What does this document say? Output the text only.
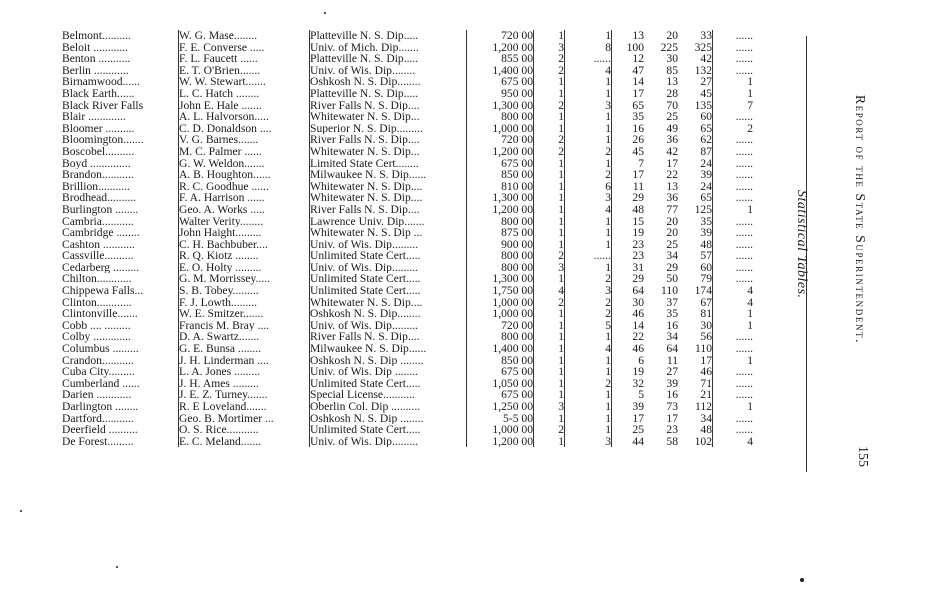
Belmont..........	W. G. Mase........	Platteville N. S. Dip.....	720 00	1	1	13	20	33	......
Beloit ............	F. E. Converse .....	Univ. of Mich. Dip.......	1,200 00	3	8	100	225	325	......
Benton ...........	F. L. Faucett ......	Platteville N. S. Dip.....	855 00	2	......	12	30	42	......
Berlin ............	E. T. O'Brien.......	Univ. of Wis. Dip........	1,400 00	2	4	47	85	132	......
Birnamwood......	W. W. Stewart.......	Oshkosh N. S. Dip........	675 00	1	1	14	13	27	1
Black Earth......	L. C. Hatch ........	Platteville N. S. Dip.....	950 00	1	1	17	28	45	1
Black River Falls	John E. Hale .......	River Falls N. S. Dip....	1,300 00	2	3	65	70	135	7
Blair .............	A. L. Halvorson.....	Whitewater N. S. Dip...	800 00	1	1	35	25	60	......
Bloomer ..........	C. D. Donaldson ....	Superior N. S. Dip.........	1,000 00	1	1	16	49	65	2
Bloomington.......	V. G. Barnes.......	River Falls N. S. Dip....	720 00	2	1	26	36	62	......
Boscobel..........	M. C. Palmer ......	Whitewater N. S. Dip...	1,200 00	2	2	45	42	87	......
Boyd ..............	G. W. Weldon.......	Limited State Cert........	675 00	1	1	7	17	24	......
Brandon...........	A. B. Houghton......	Milwaukee N. S. Dip......	850 00	1	2	17	22	39	......
Brillion...........	R. C. Goodhue ......	Whitewater N. S. Dip....	810 00	1	6	11	13	24	......
Brodhead..........	F. A. Harrison ......	Whitewater N. S. Dip....	1,300 00	1	3	29	36	65	......
Burlington ........	Geo. A. Works .....	River Falls N. S. Dip....	1,200 00	1	4	48	77	125	1
Cambria...........	Walter Verity........	Lawrence Univ. Dip.......	800 00	1	1	15	20	35	......
Cambridge ........	John Haight.........	Whitewater N. S. Dip ...	875 00	1	1	19	20	39	......
Cashton ...........	C. H. Bachbuber....	Univ. of Wis. Dip.........	900 00	1	1	23	25	48	......
Cassville..........	R. Q. Kiotz ........	Unlimited State Cert.....	800 00	2	......	23	34	57	......
Cedarberg .........	E. O. Holty .........	Univ. of Wis. Dip.........	800 00	3	1	31	29	60	......
Chilton............	G. M. Morrissey.....	Unlimited State Cert.....	1,300 00	1	2	29	50	79	......
Chippewa Falls...	S. B. Tobey.........	Unlimited State Cert.....	1,750 00	4	3	64	110	174	4
Clinton............	F. J. Lowth.........	Whitewater N. S. Dip....	1,000 00	2	2	30	37	67	4
Clintonville.......	W. E. Smitzer.......	Oshkosh N. S. Dip........	1,000 00	1	2	46	35	81	1
Cobb .... .........	Francis M. Bray ....	Univ. of Wis. Dip.........	720 00	1	5	14	16	30	1
Colby .............	D. A. Swartz.......	River Falls N. S. Dip....	800 00	1	1	22	34	56	......
Columbus .........	G. E. Bunsa ........	Milwaukee N. S. Dip......	1,400 00	1	4	46	64	110	......
Crandon...........	J. H. Linderman ....	Oshkosh N. S. Dip ........	850 00	1	1	6	11	17	1
Cuba City.........	L. A. Jones .........	Univ. of Wis. Dip ........	675 00	1	1	19	27	46	......
Cumberland ......	J. H. Ames .........	Unlimited State Cert.....	1,050 00	1	2	32	39	71	......
Darien ............	J. E. Z. Turney.......	Special License...........	675 00	1	1	5	16	21	......
Darlington ........	R. E Loveland.......	Oberlin Col. Dip ..........	1,250 00	3	1	39	73	112	1
Dartford...........	Geo. B. Mortimer ...	Oshkosh N. S. Dip ........	5-5 00	1	1	17	17	34	......
Deerfield ..........	O. S. Rice...........	Unlimited State Cert.....	1,000 00	2	1	25	23	48	......
De Forest.........	E. C. Meland.......	Univ. of Wis. Dip.........	1,200 00	1	3	44	58	102	4
Statistical Tables.	Report of the State Superintendent.
155
